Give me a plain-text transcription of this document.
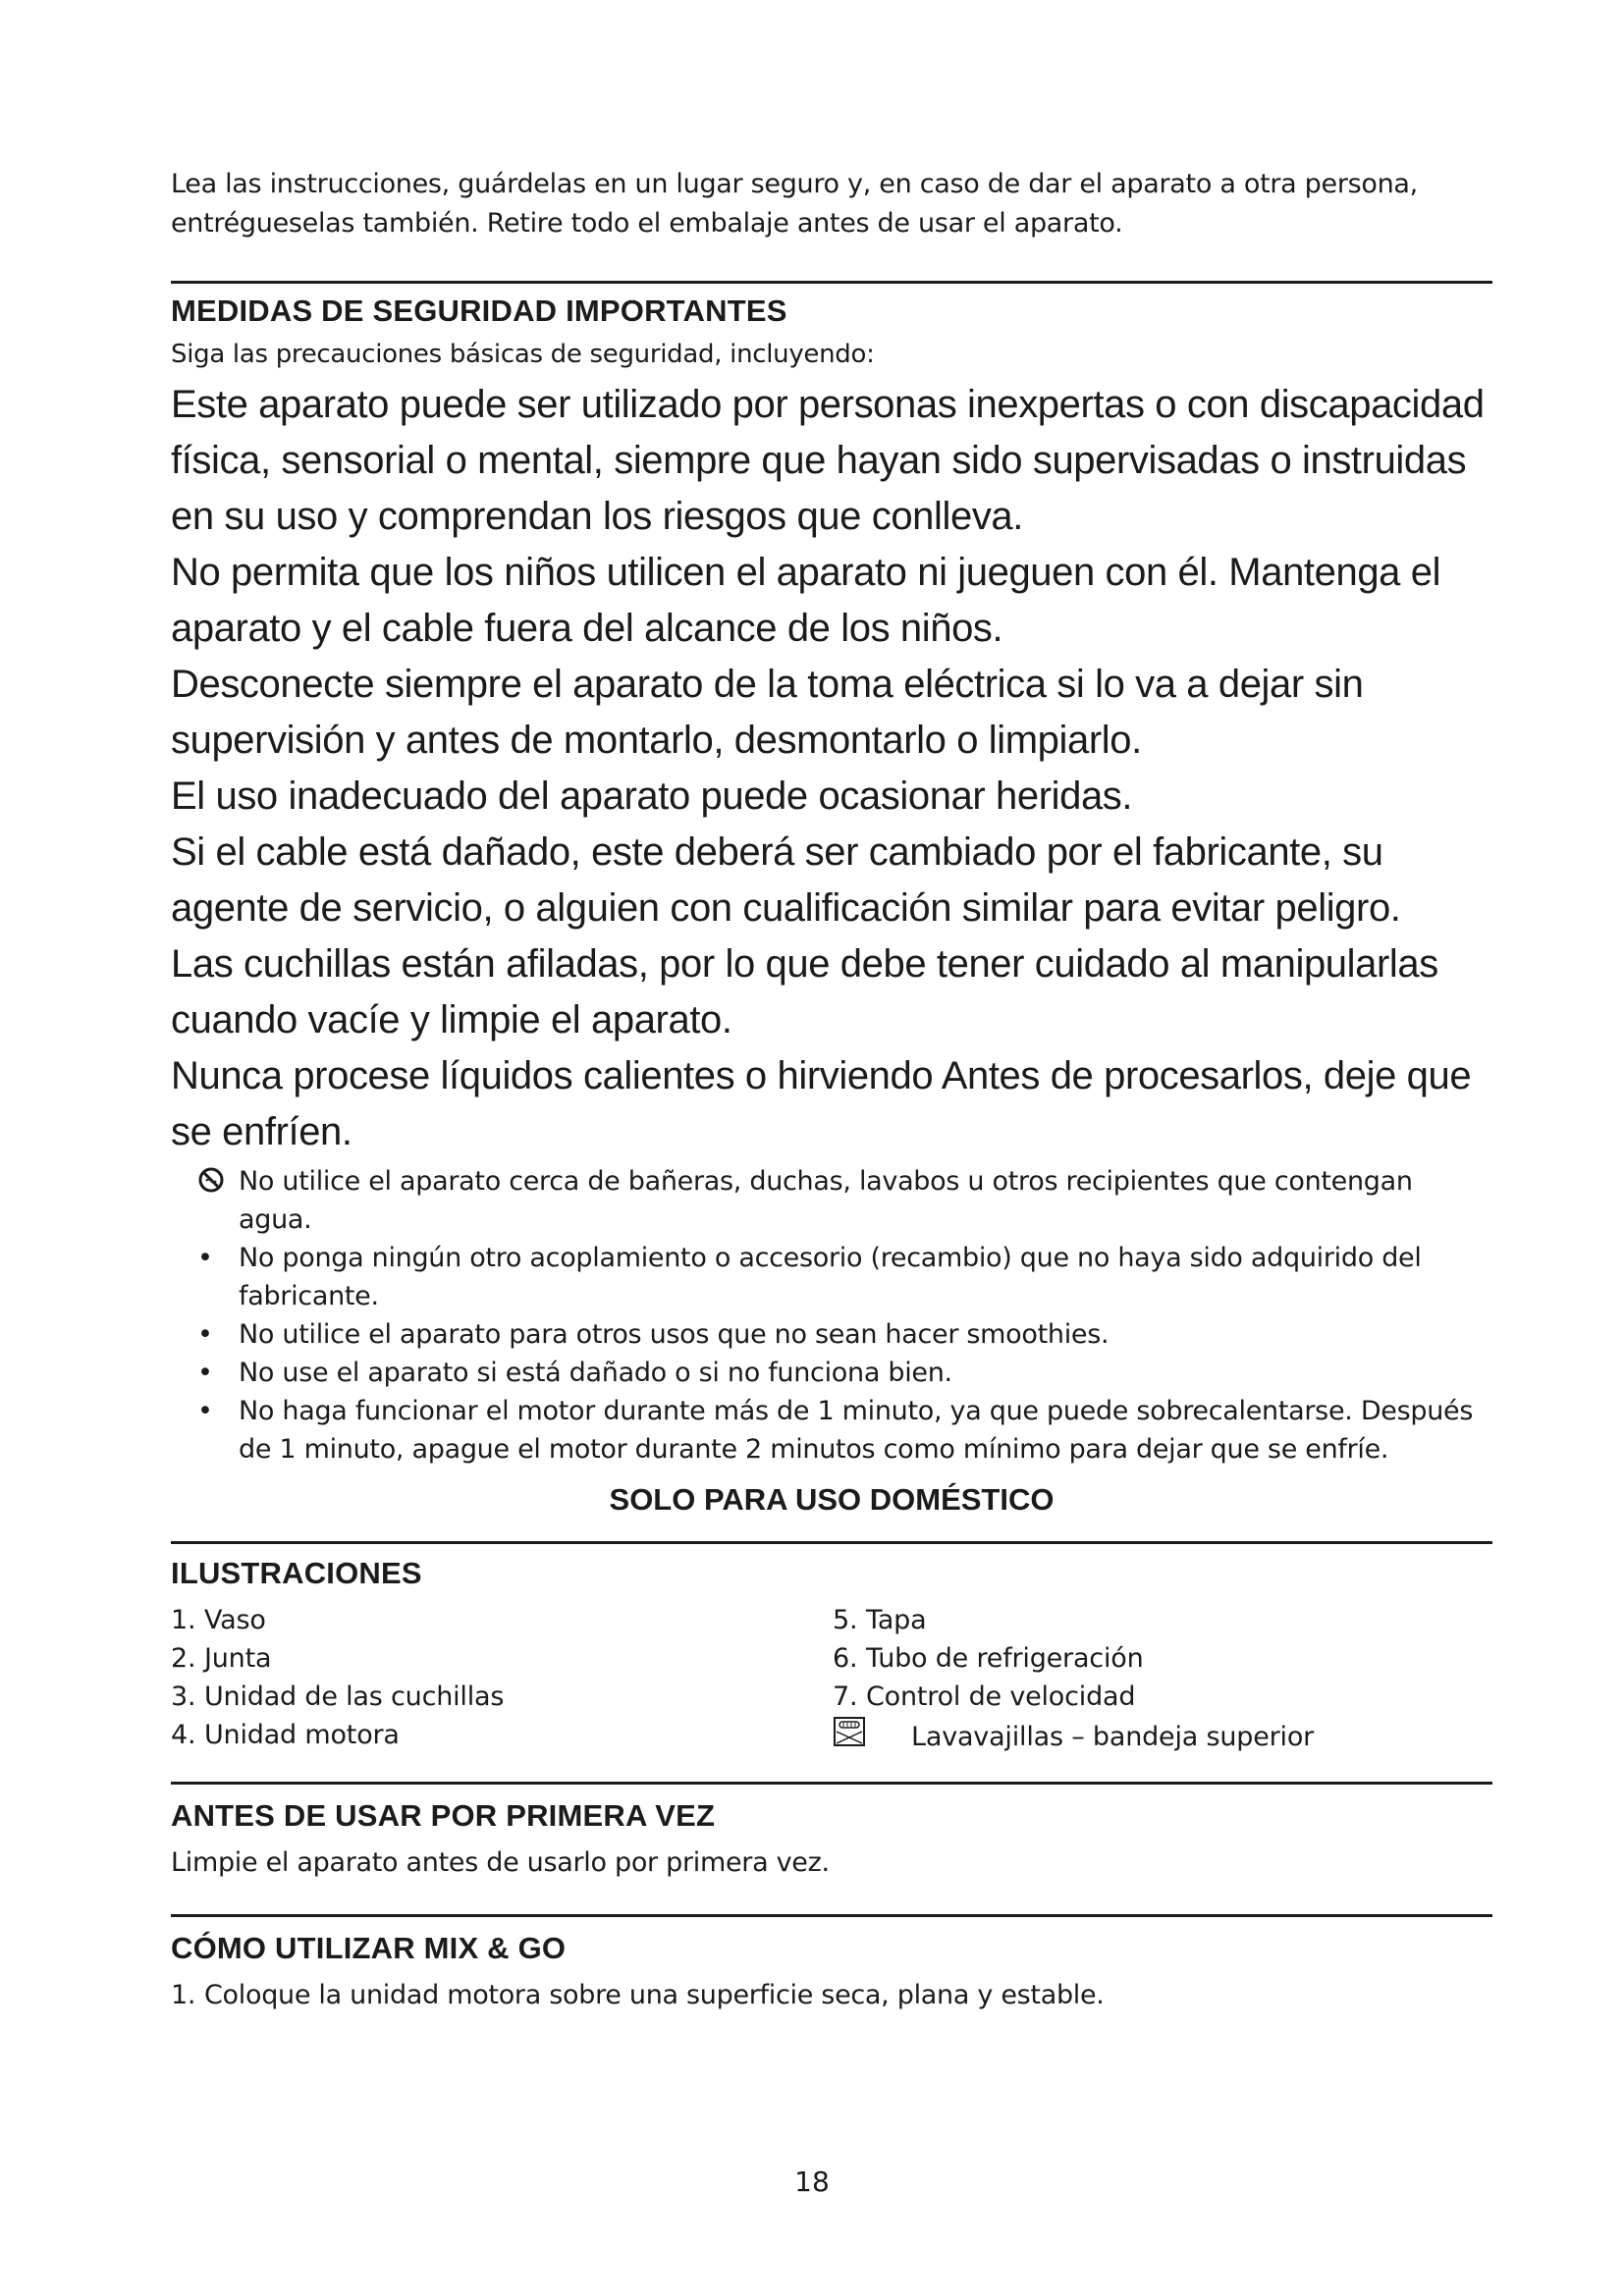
Lea las instrucciones, guárdelas en un lugar seguro y, en caso de dar el aparato a otra persona, entrégueselas también. Retire todo el embalaje antes de usar el aparato.

MEDIDAS DE SEGURIDAD IMPORTANTES

Siga las precauciones básicas de seguridad, incluyendo:

Este aparato puede ser utilizado por personas inexpertas o con discapacidad física, sensorial o mental, siempre que hayan sido supervisadas o instruidas en su uso y comprendan los riesgos que conlleva.

No permita que los niños utilicen el aparato ni jueguen con él. Mantenga el aparato y el cable fuera del alcance de los niños.

Desconecte siempre el aparato de la toma eléctrica si lo va a dejar sin supervisión y antes de montarlo, desmontarlo o limpiarlo.

El uso inadecuado del aparato puede ocasionar heridas.

Si el cable está dañado, este deberá ser cambiado por el fabricante, su agente de servicio, o alguien con cualificación similar para evitar peligro.

Las cuchillas están afiladas, por lo que debe tener cuidado al manipularlas cuando vacíe y limpie el aparato.

Nunca procese líquidos calientes o hirviendo Antes de procesarlos, deje que se enfríen.

No utilice el aparato cerca de bañeras, duchas, lavabos u otros recipientes que contengan agua.
• No ponga ningún otro acoplamiento o accesorio (recambio) que no haya sido adquirido del fabricante.
• No utilice el aparato para otros usos que no sean hacer smoothies.
• No use el aparato si está dañado o si no funciona bien.
• No haga funcionar el motor durante más de 1 minuto, ya que puede sobrecalentarse. Después de 1 minuto, apague el motor durante 2 minutos como mínimo para dejar que se enfríe.
SOLO PARA USO DOMÉSTICO
ILUSTRACIONES
1. Vaso
2. Junta
3. Unidad de las cuchillas
4. Unidad motora
5. Tapa
6. Tubo de refrigeración
7. Control de velocidad
Lavavajillas – bandeja superior
ANTES DE USAR POR PRIMERA VEZ

Limpie el aparato antes de usarlo por primera vez.

CÓMO UTILIZAR MIX & GO
1. Coloque la unidad motora sobre una superficie seca, plana y estable.
18
